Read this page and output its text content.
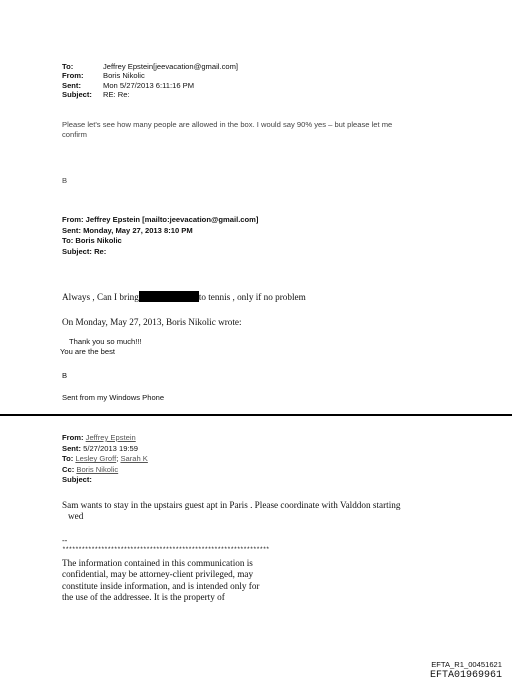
To:	Jeffrey Epstein[jeevacation@gmail.com]
From:	Boris Nikolic
Sent:	Mon 5/27/2013 6:11:16 PM
Subject: RE: Re:
Please let's see how many people are allowed in the box. I would say 90% yes – but please let me
confirm
B
From: Jeffrey Epstein [mailto:jeevacation@gmail.com]
Sent: Monday, May 27, 2013 8:10 PM
To: Boris Nikolic
Subject: Re:
Always , Can I bring	to tennis , only if no problem
On Monday, May 27, 2013, Boris Nikolic wrote:
Thank you so much!!!
You are the best
B
Sent from my Windows Phone
From: Jeffrey Epstein
Sent: 5/27/2013 19:59
To: Lesley Groff; Sarah K
Cc: Boris Nikolic
Subject:
Sam wants to stay in the upstairs guest apt in Paris . Please coordinate with Valddon starting
wed
--
****************************************************************
The information contained in this communication is
confidential, may be attorney-client privileged, may
constitute inside information, and is intended only for
the use of the addressee. It is the property of
EFTA_R1_00451621
EFTA01969961
